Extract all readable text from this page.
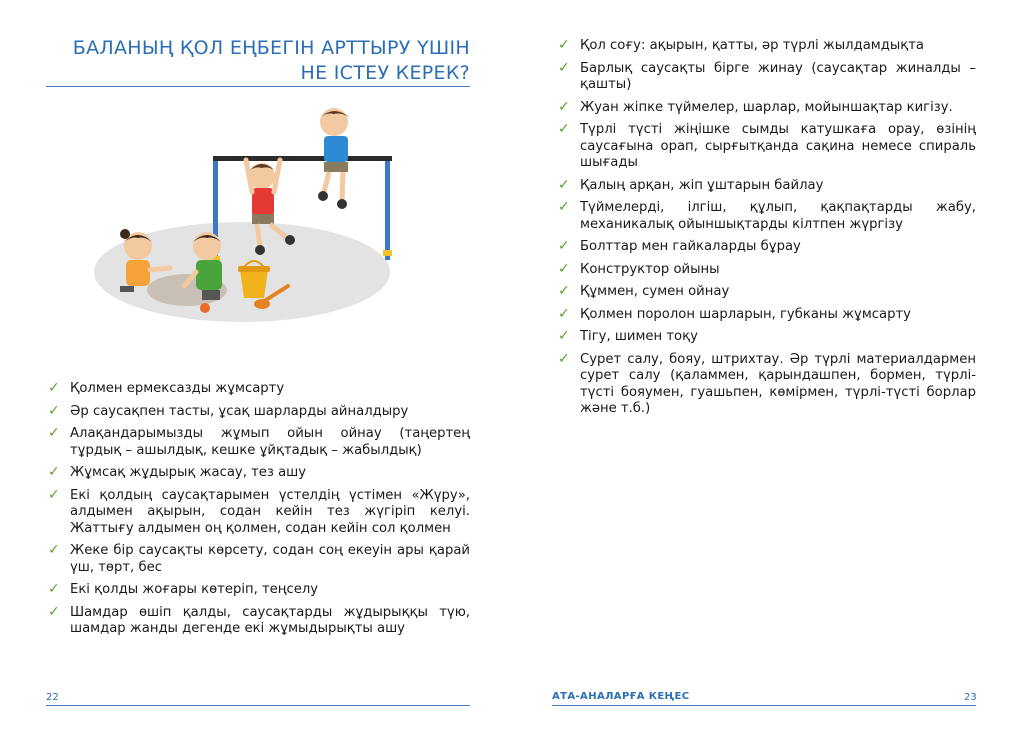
БАЛАНЫҢ ҚОЛ ЕҢБЕГІН АРТТЫРУ ҮШІН НЕ ІСТЕУ КЕРЕК?
✓ Қолмен ермексазды жұмсарту
✓ Әр саусақпен тасты, ұсақ шарларды айналдыру
✓ Алақандарымызды жұмып ойын ойнау (таңертең тұрдық – ашылдық, кешке ұйқтадық – жабылдық)
✓ Жұмсақ жұдырық жасау, тез ашу
✓ Екі қолдың саусақтарымен үстелдің үстімен «Жүру», алдымен ақырын, содан кейін тез жүгіріп келуі. Жаттығу алдымен оң қолмен, содан кейін сол қолмен
✓ Жеке бір саусақты көрсету, содан соң екеуін ары қарай үш, төрт, бес
✓ Екі қолды жоғары көтеріп, теңселу
✓ Шамдар өшіп қалды, саусақтарды жұдырыққы түю, шамдар жанды дегенде екі жұмыдырықты ашу
22
✓ Қол соғу: ақырын, қатты, әр түрлі жылдамдықта
✓ Барлық саусақты бірге жинау (саусақтар жиналды – қашты)
✓ Жуан жіпке түймелер, шарлар, мойыншақтар кигізу.
✓ Түрлі түсті жіңішке сымды катушкаға орау, өзінің саусағына орап, сырғытқанда сақина немесе спираль шығады
✓ Қалың арқан, жіп ұштарын байлау
✓ Түймелерді, ілгіш, құлып, қақпақтарды жабу, механикалық ойыншықтарды кілтпен жүргізу
✓ Болттар мен гайкаларды бұрау
✓ Конструктор ойыны
✓ Құммен, сумен ойнау
✓ Қолмен поролон шарларын, губканы жұмсарту
✓ Тігу, шимен тоқу
✓ Сурет салу, бояу, штрихтау. Әр түрлі материалдармен сурет салу (қаламмен, қарындашпен, бормен, түрлі-түсті бояумен, гуашьпен, көмірмен, түрлі-түсті борлар және т.б.)
АТА-АНАЛАРҒА КЕҢЕС	23
